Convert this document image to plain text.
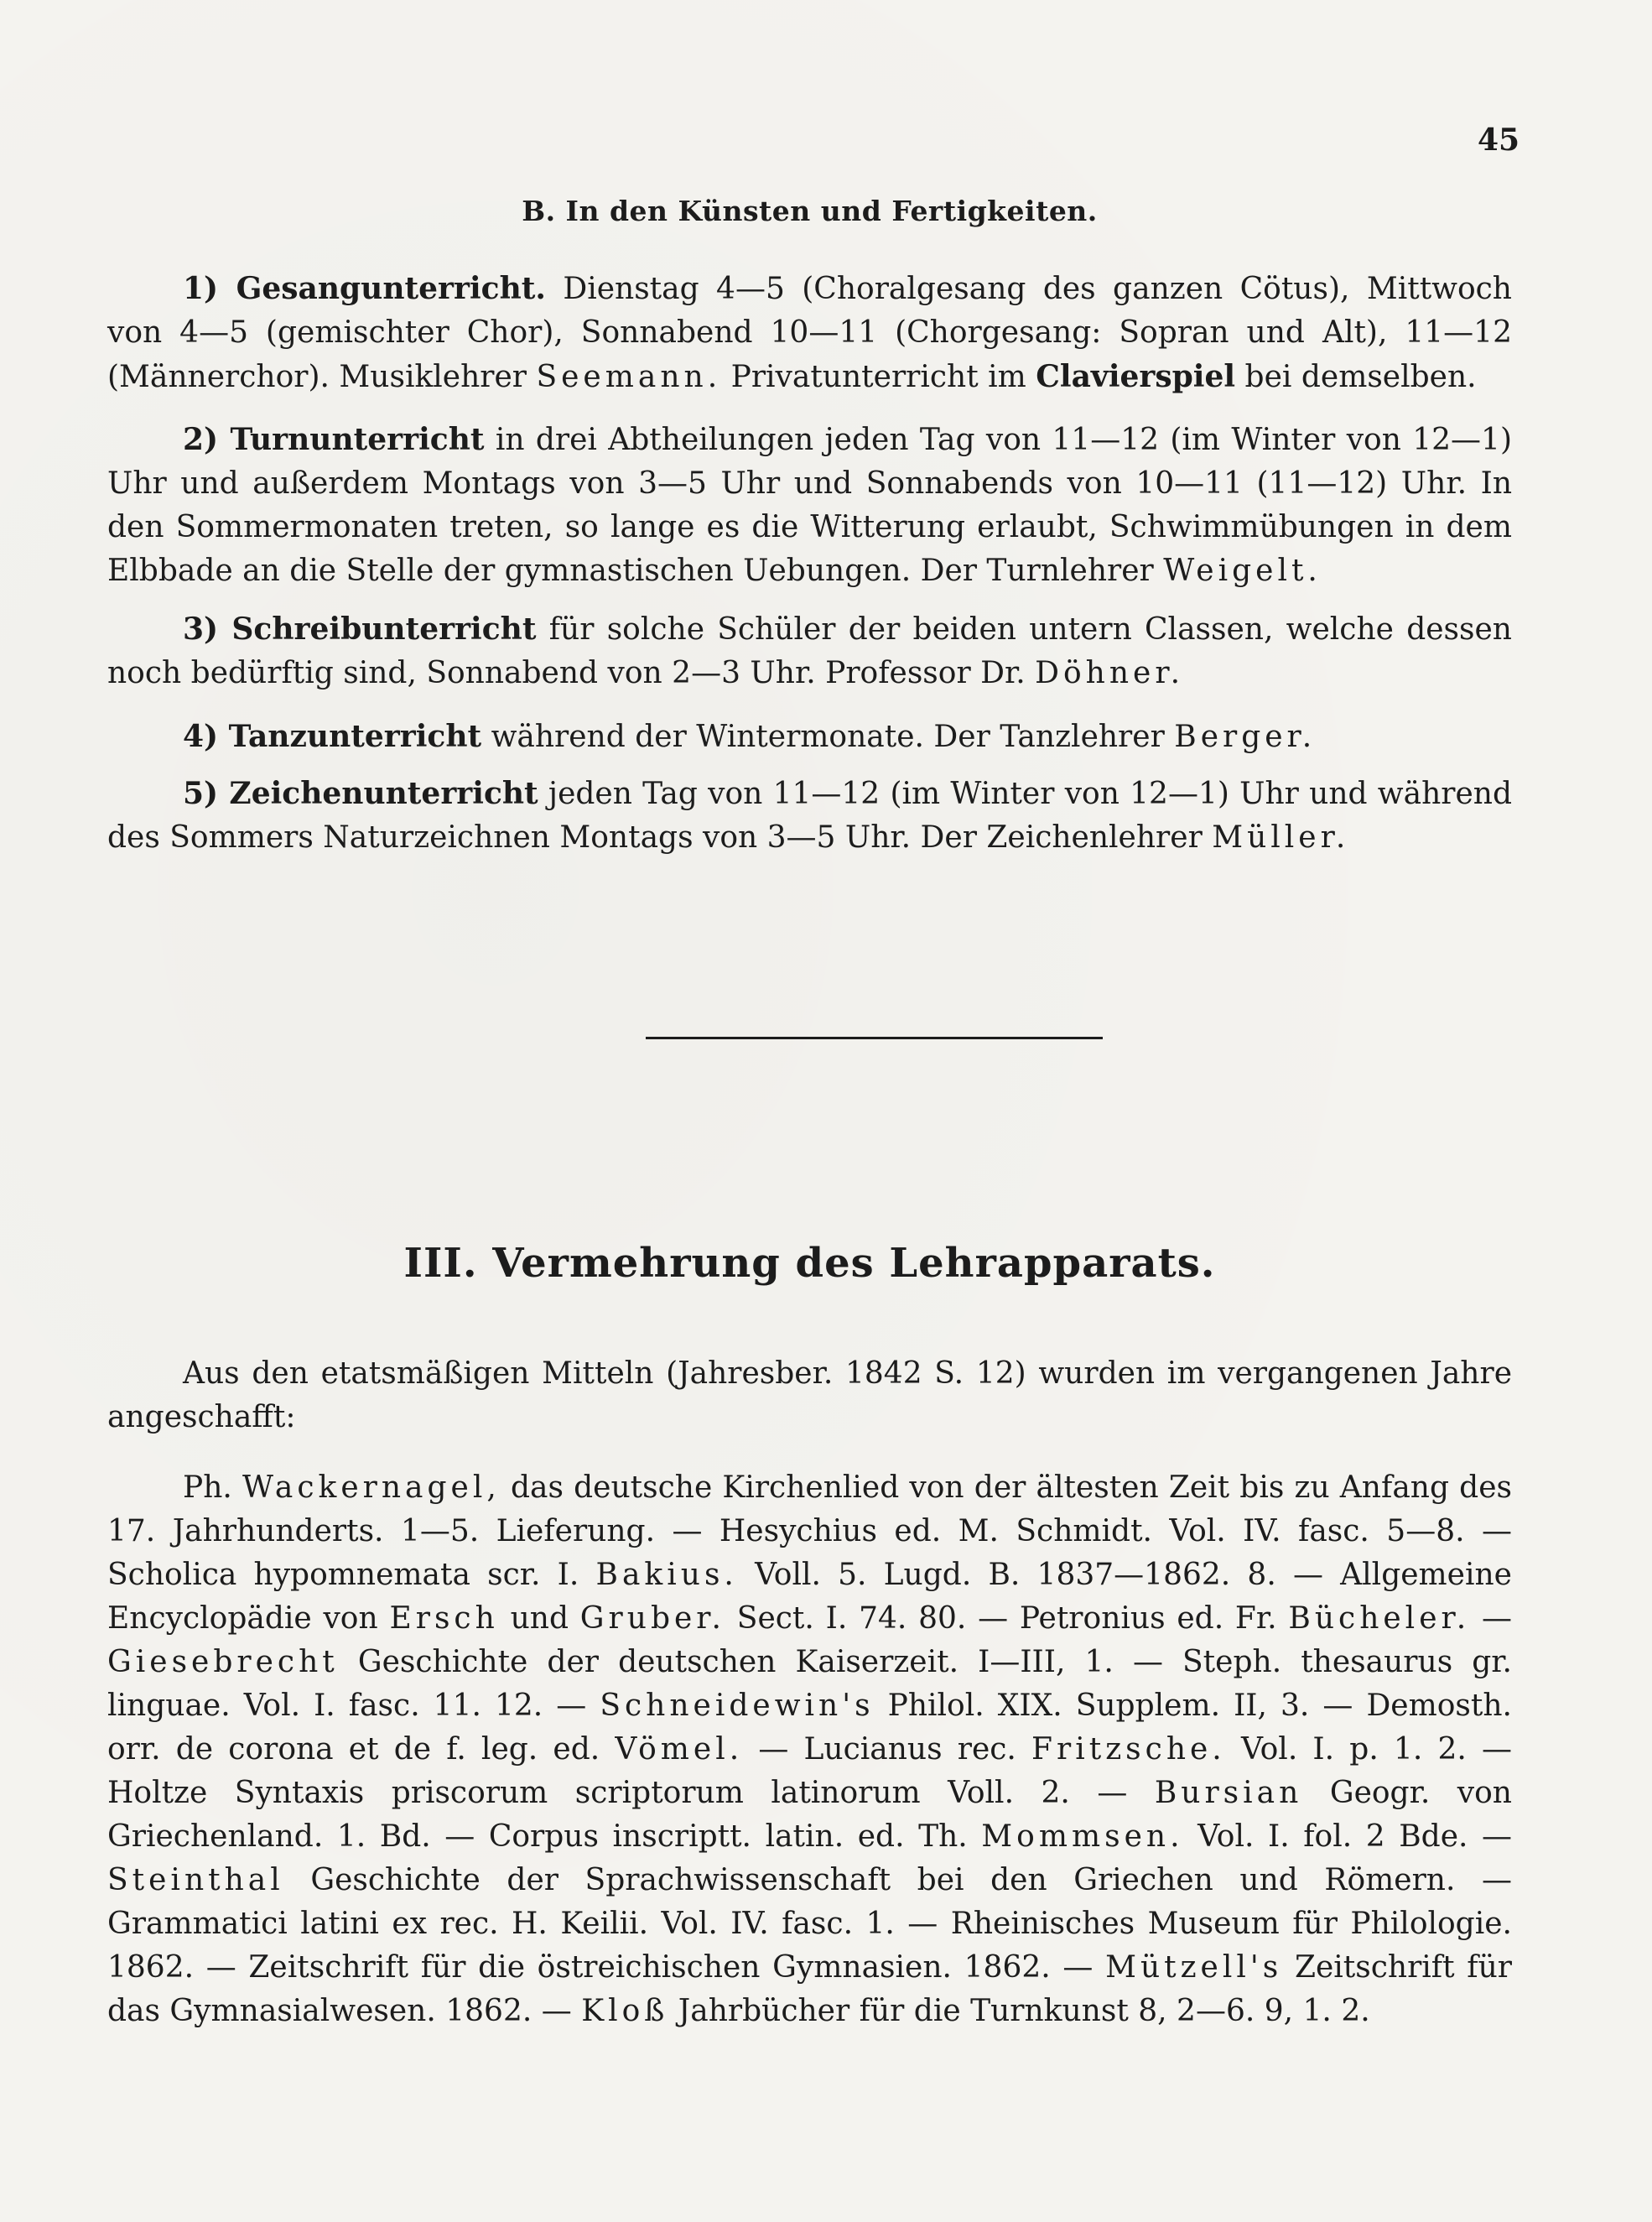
45
B. In den Künsten und Fertigkeiten.

1) Gesangunterricht. Dienstag 4—5 (Choralgesang des ganzen Cötus), Mittwoch von 4—5 (gemischter Chor), Sonnabend 10—11 (Chorgesang: Sopran und Alt), 11—12 (Männerchor). Musiklehrer Seemann. Privatunterricht im Clavierspiel bei demselben.

2) Turnunterricht in drei Abtheilungen jeden Tag von 11—12 (im Winter von 12—1) Uhr und außerdem Montags von 3—5 Uhr und Sonnabends von 10—11 (11—12) Uhr. In den Sommermonaten treten, so lange es die Witterung erlaubt, Schwimmübungen in dem Elbbade an die Stelle der gymnastischen Uebungen. Der Turnlehrer Weigelt.

3) Schreibunterricht für solche Schüler der beiden untern Classen, welche dessen noch bedürftig sind, Sonnabend von 2—3 Uhr. Professor Dr. Döhner.

4) Tanzunterricht während der Wintermonate. Der Tanzlehrer Berger.

5) Zeichenunterricht jeden Tag von 11—12 (im Winter von 12—1) Uhr und während des Sommers Naturzeichnen Montags von 3—5 Uhr. Der Zeichenlehrer Müller.

III. Vermehrung des Lehrapparats.

Aus den etatsmäßigen Mitteln (Jahresber. 1842 S. 12) wurden im vergangenen Jahre angeschafft:

Ph. Wackernagel, das deutsche Kirchenlied von der ältesten Zeit bis zu Anfang des 17. Jahrhunderts. 1—5. Lieferung. — Hesychius ed. M. Schmidt. Vol. IV. fasc. 5—8. — Scholica hypomnemata scr. I. Bakius. Voll. 5. Lugd. B. 1837—1862. 8. — Allgemeine Encyclopädie von Ersch und Gruber. Sect. I. 74. 80. — Petronius ed. Fr. Bücheler. — Giesebrecht Geschichte der deutschen Kaiserzeit. I—III, 1. — Steph. thesaurus gr. linguae. Vol. I. fasc. 11. 12. — Schneidewin's Philol. XIX. Supplem. II, 3. — Demosth. orr. de corona et de f. leg. ed. Vömel. — Lucianus rec. Fritzsche. Vol. I. p. 1. 2. — Holtze Syntaxis priscorum scriptorum latinorum Voll. 2. — Bursian Geogr. von Griechenland. 1. Bd. — Corpus inscriptt. latin. ed. Th. Mommsen. Vol. I. fol. 2 Bde. — Steinthal Geschichte der Sprachwissenschaft bei den Griechen und Römern. — Grammatici latini ex rec. H. Keilii. Vol. IV. fasc. 1. — Rheinisches Museum für Philologie. 1862. — Zeitschrift für die östreichischen Gymnasien. 1862. — Mützell's Zeitschrift für das Gymnasialwesen. 1862. — Kloß Jahrbücher für die Turnkunst 8, 2—6. 9, 1. 2.
